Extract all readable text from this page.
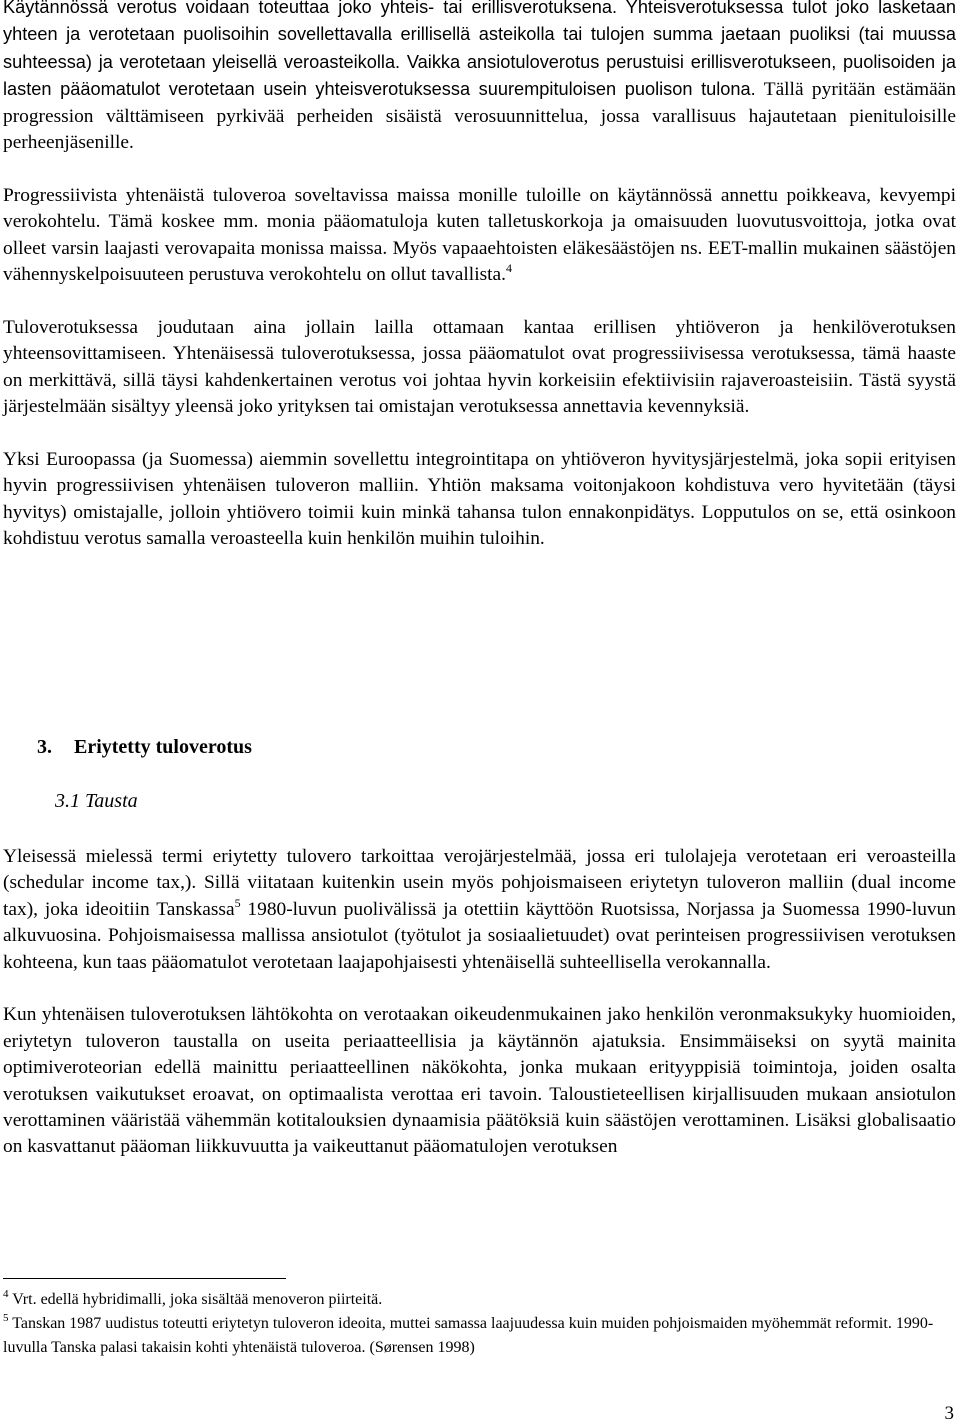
Käytännössä verotus voidaan toteuttaa joko yhteis- tai erillisverotuksena. Yhteisverotuksessa tulot joko lasketaan yhteen ja verotetaan puolisoihin sovellettavalla erillisellä asteikolla tai tulojen summa jaetaan puoliksi (tai muussa suhteessa) ja verotetaan yleisellä veroasteikolla. Vaikka ansiotuloverotus perustuisi erillisverotukseen, puolisoiden ja lasten pääomatulot verotetaan usein yhteisverotuksessa suurempituloisen puolison tulona. Tällä pyritään estämään progression välttämiseen pyrkivää perheiden sisäistä verosuunnittelua, jossa varallisuus hajautetaan pienituloisille perheenjäsenille.

Progressiivista yhtenäistä tuloveroa soveltavissa maissa monille tuloille on käytännössä annettu poikkeava, kevyempi verokohtelu. Tämä koskee mm. monia pääomatuloja kuten talletuskorkoja ja omaisuuden luovutusvoittoja, jotka ovat olleet varsin laajasti verovapaita monissa maissa. Myös vapaaehtoisten eläkesäästöjen ns. EET-mallin mukainen säästöjen vähennyskelpoisuuteen perustuva verokohtelu on ollut tavallista.$^4$

Tuloverotuksessa joudutaan aina jollain lailla ottamaan kantaa erillisen yhtiöveron ja henkilöverotuksen yhteensovittamiseen. Yhtenäisessä tuloverotuksessa, jossa pääomatulot ovat progressiivisessa verotuksessa, tämä haaste on merkittävä, sillä täysi kahdenkertainen verotus voi johtaa hyvin korkeisiin efektiivisiin rajaveroasteisiin. Tästä syystä järjestelmään sisältyy yleensä joko yrityksen tai omistajan verotuksessa annettavia kevennyksiä.

Yksi Euroopassa (ja Suomessa) aiemmin sovellettu integrointitapa on yhtiöveron hyvitysjärjestelmä, joka sopii erityisen hyvin progressiivisen yhtenäisen tuloveron malliin. Yhtiön maksama voitonjakoon kohdistuva vero hyvitetään (täysi hyvitys) omistajalle, jolloin yhtiövero toimii kuin minkä tahansa tulon ennakonpidätys. Lopputulos on se, että osinkoon kohdistuu verotus samalla veroasteella kuin henkilön muihin tuloihin.

3. Eriytetty tuloverotus
3.1 Tausta

Yleisessä mielessä termi eriytetty tulovero tarkoittaa verojärjestelmää, jossa eri tulolajeja verotetaan eri veroasteilla (schedular income tax,). Sillä viitataan kuitenkin usein myös pohjoismaiseen eriytetyn tuloveron malliin (dual income tax), joka ideoitiin Tanskassa$^5$ 1980-luvun puolivälissä ja otettiin käyttöön Ruotsissa, Norjassa ja Suomessa 1990-luvun alkuvuosina. Pohjoismaisessa mallissa ansiotulot (työtulot ja sosiaalietuudet) ovat perinteisen progressiivisen verotuksen kohteena, kun taas pääomatulot verotetaan laajapohjaisesti yhtenäisellä suhteellisella verokannalla.

Kun yhtenäisen tuloverotuksen lähtökohta on verotaakan oikeudenmukainen jako henkilön veronmaksukyky huomioiden, eriytetyn tuloveron taustalla on useita periaatteellisia ja käytännön ajatuksia. Ensimmäiseksi on syytä mainita optimiveroteorian edellä mainittu periaatteellinen näkökohta, jonka mukaan erityyppisiä toimintoja, joiden osalta verotuksen vaikutukset eroavat, on optimaalista verottaa eri tavoin. Taloustieteellisen kirjallisuuden mukaan ansiotulon verottaminen vääristää vähemmän kotitalouksien dynaamisia päätöksiä kuin säästöjen verottaminen. Lisäksi globalisaatio on kasvattanut pääoman liikkuvuutta ja vaikeuttanut pääomatulojen verotuksen

$^4$ Vrt. edellä hybridimalli, joka sisältää menoveron piirteitä.

$^5$ Tanskan 1987 uudistus toteutti eriytetyn tuloveron ideoita, muttei samassa laajuudessa kuin muiden pohjoismaiden myöhemmät reformit. 1990-luvulla Tanska palasi takaisin kohti yhtenäistä tuloveroa. (Sørensen 1998)

3
